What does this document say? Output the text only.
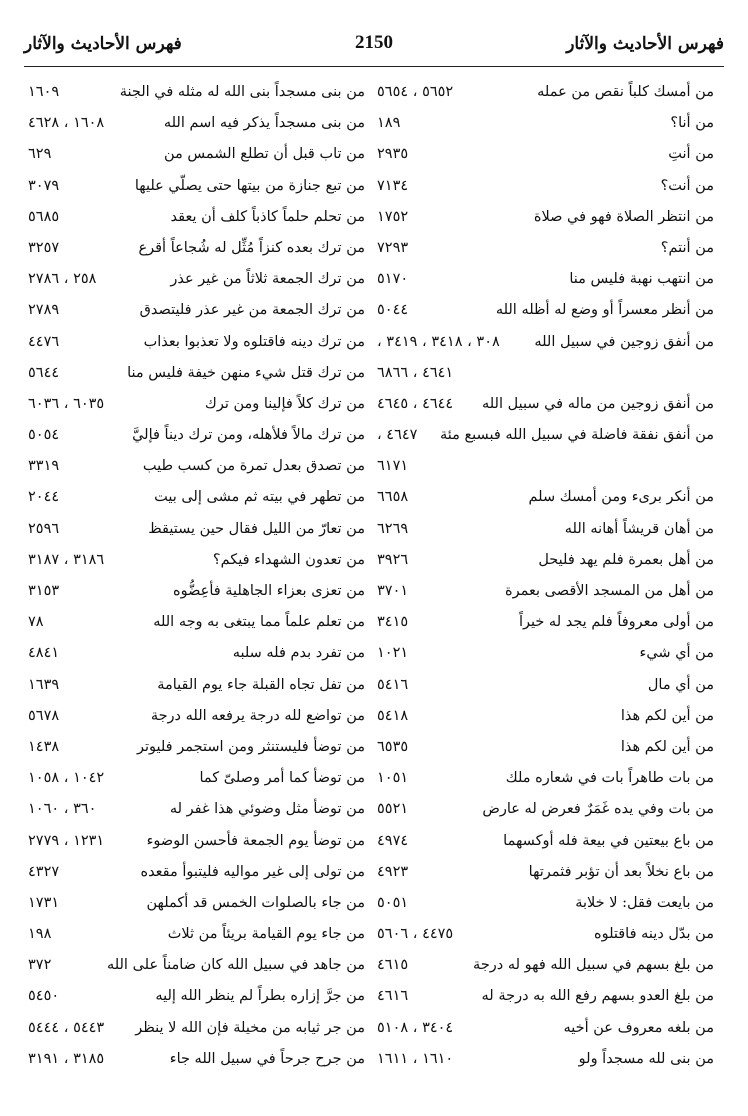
فهرس الأحاديث والآثار
2150
فهرس الأحاديث والآثار
من أمسك كلباً نقص من عمله
٥٦٥٢ ، ٥٦٥٤
من أنا؟
١٨٩
من أنتِ
٢٩٣٥
من أنت؟
٧١٣٤
من انتظر الصلاة فهو في صلاة
١٧٥٢
من أنتم؟
٧٢٩٣
من انتهب نهبة فليس منا
٥١٧٠
من أنظر معسراً أو وضع له أظله الله
٥٠٤٤
من أنفق زوجين في سبيل الله
٣٠٨ ، ٣٤١٨ ، ٣٤١٩ ،
٤٦٤١ ، ٦٨٦٦
من أنفق زوجين من ماله في سبيل الله
٤٦٤٤ ، ٤٦٤٥
من أنفق نفقة فاضلة في سبيل الله فبسبع مئة
٤٦٤٧ ،
٦١٧١
من أنكر برىء ومن أمسك سلم
٦٦٥٨
من أهان قريشاً أهانه الله
٦٢٦٩
من أهل بعمرة فلم يهد فليحل
٣٩٢٦
من أهل من المسجد الأقصى بعمرة
٣٧٠١
من أولى معروفاً فلم يجد له خيراً
٣٤١٥
من أي شيء
١٠٢١
من أي مال
٥٤١٦
من أين لكم هذا
٥٤١٨
من أين لكم هذا
٦٥٣٥
من بات طاهراً بات في شعاره ملك
١٠٥١
من بات وفي يده غَمَرٌ فعرض له عارض
٥٥٢١
من باع بيعتين في بيعة فله أوكسهما
٤٩٧٤
من باع نخلاً بعد أن تؤبر فثمرتها
٤٩٢٣
من بايعت فقل: لا خلابة
٥٠٥١
من بدّل دينه فاقتلوه
٤٤٧٥ ، ٥٦٠٦
من بلغ بسهم في سبيل الله فهو له درجة
٤٦١٥
من بلغ العدو بسهم رفع الله به درجة له
٤٦١٦
من بلغه معروف عن أخيه
٣٤٠٤ ، ٥١٠٨
من بنى لله مسجداً ولو
١٦١٠ ، ١٦١١
من بنى مسجداً بنى الله له مثله في الجنة
١٦٠٩
من بنى مسجداً يذكر فيه اسم الله
١٦٠٨ ، ٤٦٢٨
من تاب قبل أن تطلع الشمس من
٦٢٩
من تبع جنازة من بيتها حتى يصلّي عليها
٣٠٧٩
من تحلم حلماً كاذباً كلف أن يعقد
٥٦٨٥
من ترك بعده كنزاً مُثِّل له شُجاعاً أقرع
٣٢٥٧
من ترك الجمعة ثلاثاً من غير عذر
٢٥٨ ، ٢٧٨٦
من ترك الجمعة من غير عذر فليتصدق
٢٧٨٩
من ترك دينه فاقتلوه ولا تعذبوا بعذاب
٤٤٧٦
من ترك قتل شيء منهن خيفة فليس منا
٥٦٤٤
من ترك كلاً فإلينا ومن ترك
٦٠٣٥ ، ٦٠٣٦
من ترك مالاً فلأهله، ومن ترك ديناً فإليَّ
٥٠٥٤
من تصدق بعدل تمرة من كسب طيب
٣٣١٩
من تطهر في بيته ثم مشى إلى بيت
٢٠٤٤
من تعارّ من الليل فقال حين يستيقظ
٢٥٩٦
من تعدون الشهداء فيكم؟
٣١٨٦ ، ٣١٨٧
من تعزى بعزاء الجاهلية فأعِضُّوه
٣١٥٣
من تعلم علماً مما يبتغى به وجه الله
٧٨
من تفرد بدم فله سلبه
٤٨٤١
من تفل تجاه القبلة جاء يوم القيامة
١٦٣٩
من تواضع لله درجة يرفعه الله درجة
٥٦٧٨
من توضأ فليستنثر ومن استجمر فليوتر
١٤٣٨
من توضأ كما أمر وصلىّ كما
١٠٤٢ ، ١٠٥٨
من توضأ مثل وضوئي هذا غفر له
٣٦٠ ، ١٠٦٠
من توضأ يوم الجمعة فأحسن الوضوء
١٢٣١ ، ٢٧٧٩
من تولى إلى غير مواليه فليتبوأ مقعده
٤٣٢٧
من جاء بالصلوات الخمس قد أكملهن
١٧٣١
من جاء يوم القيامة بريئاً من ثلاث
١٩٨
من جاهد في سبيل الله كان ضامناً على الله
٣٧٢
من جرَّ إزاره بطراً لم ينظر الله إليه
٥٤٥٠
من جر ثيابه من مخيلة فإن الله لا ينظر
٥٤٤٣ ، ٥٤٤٤
من جرح جرحاً في سبيل الله جاء
٣١٨٥ ، ٣١٩١
